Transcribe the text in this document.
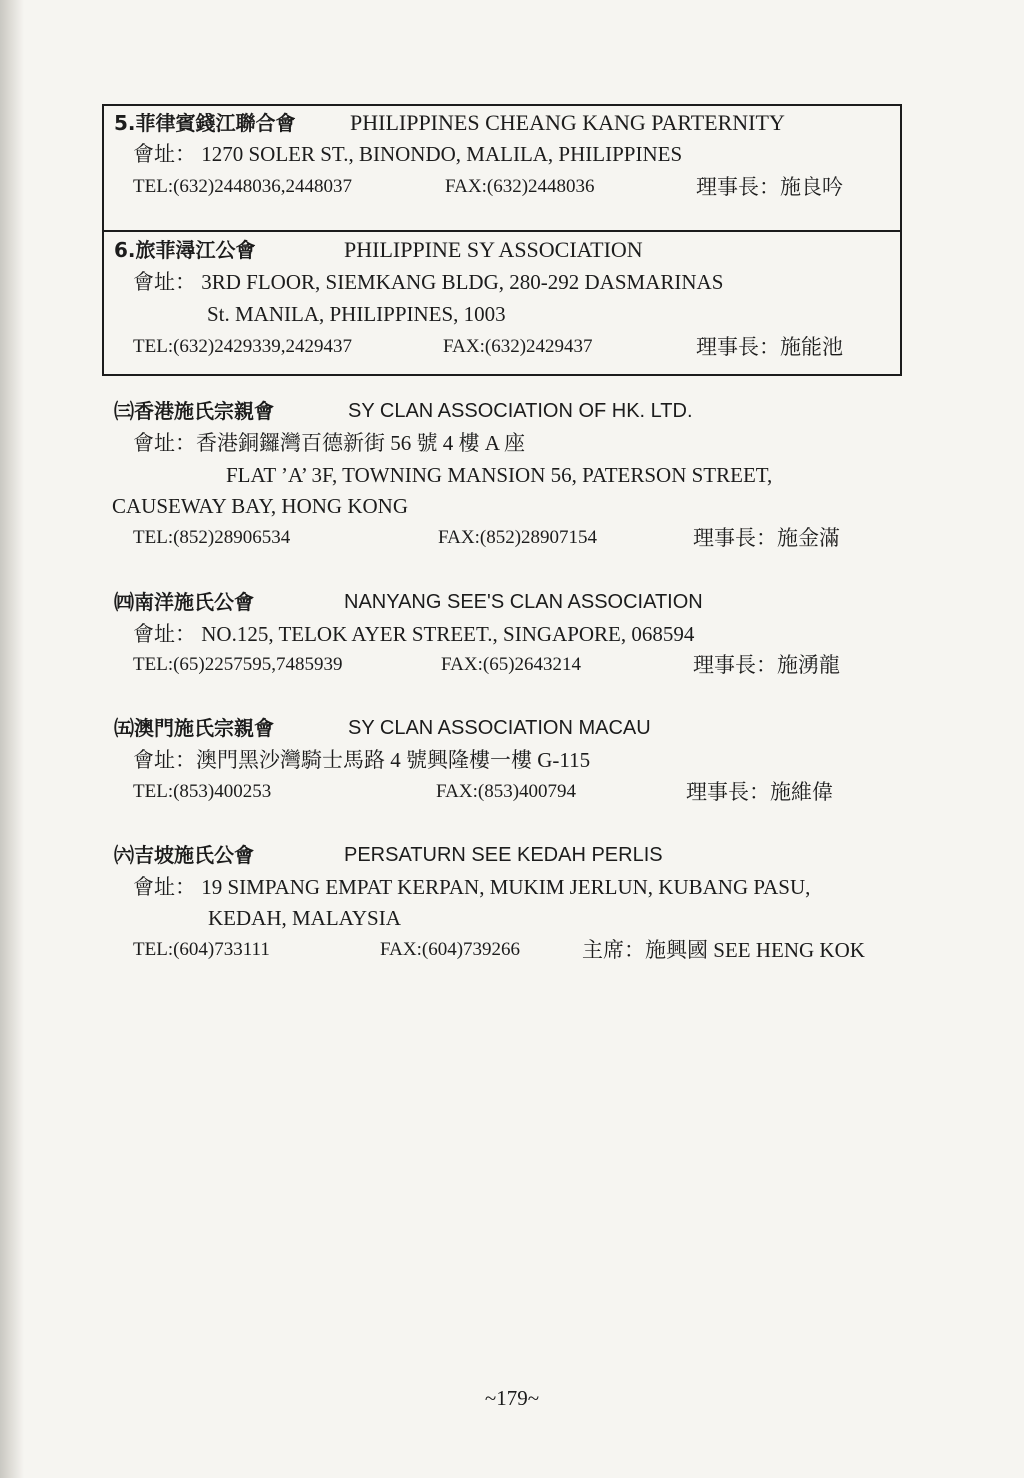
5.菲律賓錢江聯合會 PHILIPPINES CHEANG KANG PARTERNITY
會址： 1270 SOLER ST., BINONDO, MALILA, PHILIPPINES
TEL:(632)2448036,2448037	FAX:(632)2448036	理事長：施良吟
6.旅菲潯江公會	PHILIPPINE SY ASSOCIATION
會址： 3RD FLOOR, SIEMKANG BLDG, 280-292 DASMARINAS
St. MANILA, PHILIPPINES, 1003
TEL:(632)2429339,2429437	FAX:(632)2429437	理事長：施能池
㈢香港施氏宗親會	SY CLAN ASSOCIATION OF HK. LTD.
會址：香港銅鑼灣百德新街 56 號 4 樓 A 座
FLAT ’A’ 3F, TOWNING MANSION 56, PATERSON STREET,
CAUSEWAY BAY, HONG KONG
TEL:(852)28906534	FAX:(852)28907154	理事長：施金滿
㈣南洋施氏公會	NANYANG SEE'S CLAN ASSOCIATION
會址： NO.125, TELOK AYER STREET., SINGAPORE, 068594
TEL:(65)2257595,7485939	FAX:(65)2643214	理事長：施湧龍
㈤澳門施氏宗親會	SY CLAN ASSOCIATION MACAU
會址：澳門黑沙灣騎士馬路 4 號興隆樓一樓 G-115
TEL:(853)400253	FAX:(853)400794	理事長：施維偉
㈥吉坡施氏公會	PERSATURN SEE KEDAH PERLIS
會址： 19 SIMPANG EMPAT KERPAN, MUKIM JERLUN, KUBANG PASU,
KEDAH, MALAYSIA
TEL:(604)733111	FAX:(604)739266	主席：施興國 SEE HENG KOK
~179~
